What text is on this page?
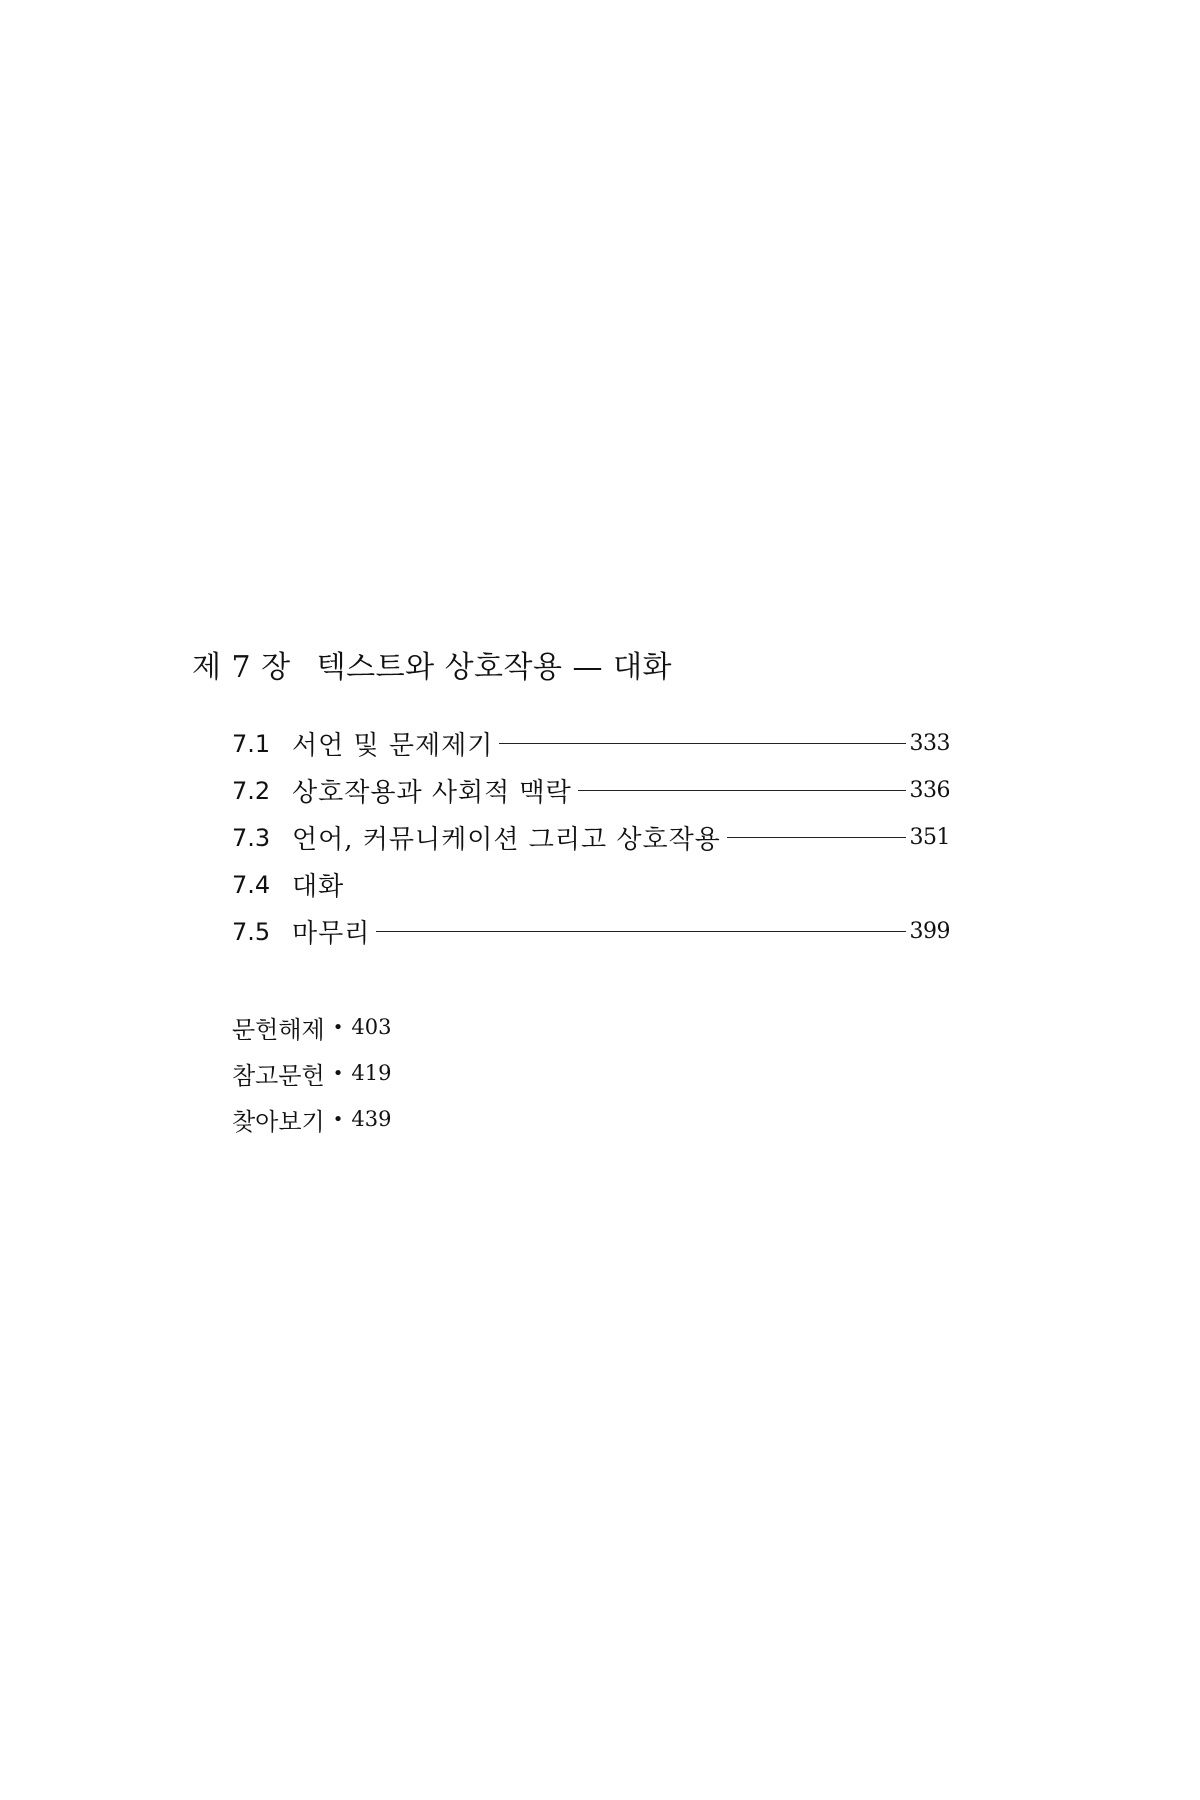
제 7 장 텍스트와 상호작용 — 대화
7.1 서언 및 문제제기	333
7.2 상호작용과 사회적 맥락	336
7.3 언어, 커뮤니케이션 그리고 상호작용	351
7.4 대화
7.5 마무리	399
문헌해제 • 403
참고문헌 • 419
찾아보기 • 439
